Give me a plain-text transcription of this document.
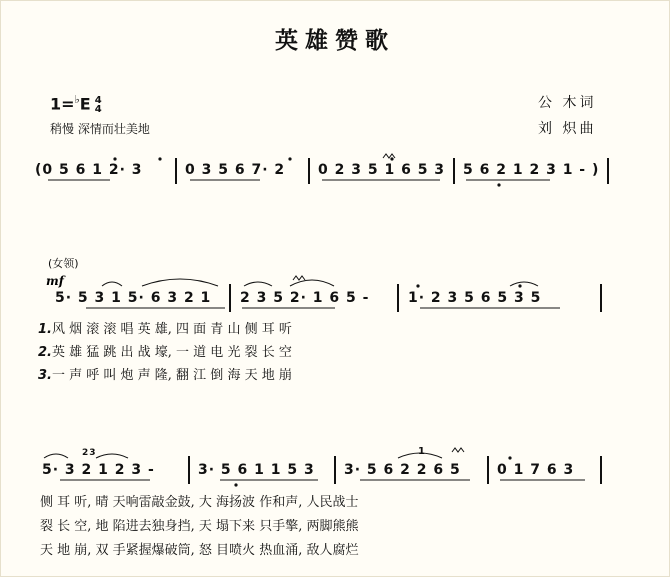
英雄赞歌
1=♭E 4
4
稍慢 深情而壮美地
公 木词
刘 炽曲
(0 5 6 1 2· 3	0 3 5 6 7· 2 0 2 3 5 1 6 5 3 5 6 2 1 2 3 1 - )
(女领)
5· 5 3 1 5· 6 3 2 1 2 3 5 2· 1 6 5 -	1· 2 3 5 6 5 3 5
1.风 烟 滚 滚 唱 英 雄, 四 面 青 山 侧 耳 听
2.英 雄 猛 跳 出 战 壕, 一 道 电 光 裂 长 空
3.一 声 呼 叫 炮 声 隆, 翻 江 倒 海 天 地 崩
5· 3 2 1 2 3 -
23
3· 5 6 1 1 5 3 3· 5 6 2 2 6 5
1
0 1 7 6 3
侧 耳 听, 晴 天响雷敲金鼓, 大 海扬波 作和声, 人民战士
裂 长 空, 地 陷进去独身挡, 天 塌下来 只手擎, 两脚熊熊
天 地 崩, 双 手紧握爆破筒, 怒 目喷火 热血涌, 敌人腐烂
mf
